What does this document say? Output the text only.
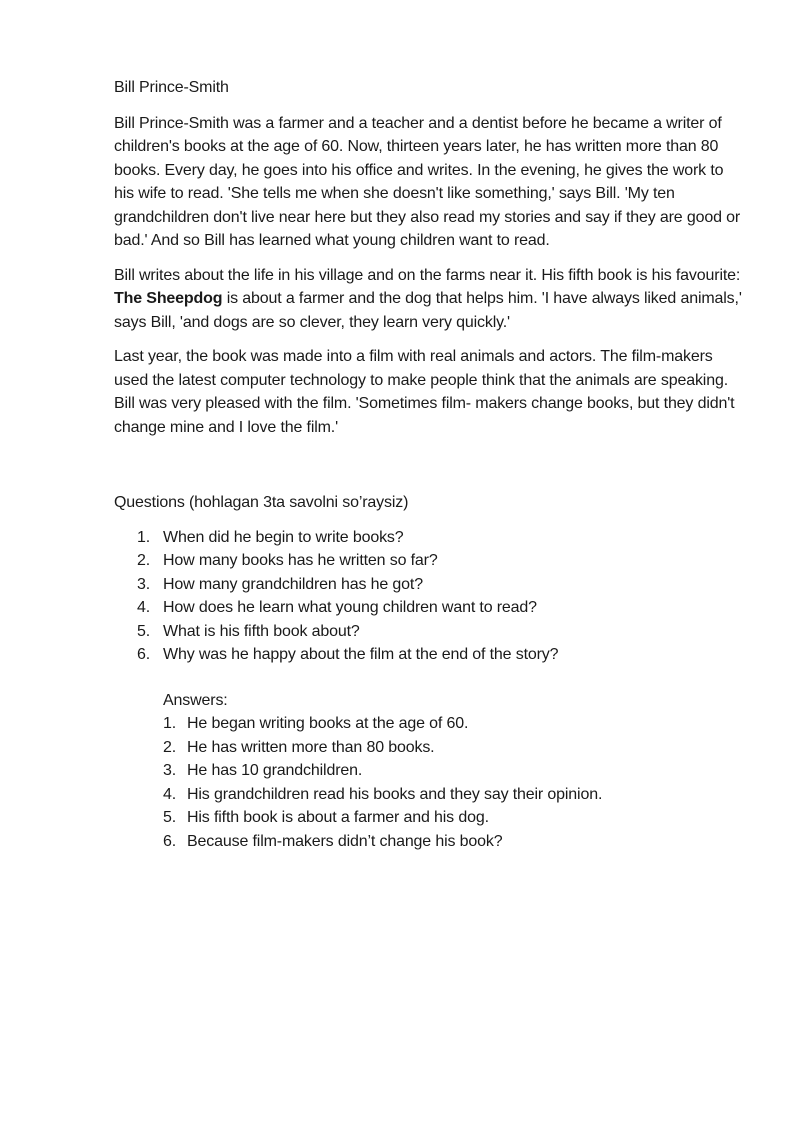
Bill Prince-Smith

Bill Prince-Smith was a farmer and a teacher and a dentist before he became a writer of children's books at the age of 60. Now, thirteen years later, he has written more than 80 books. Every day, he goes into his office and writes. In the evening, he gives the work to his wife to read. 'She tells me when she doesn't like something,' says Bill. 'My ten grandchildren don't live near here but they also read my stories and say if they are good or bad.' And so Bill has learned what young children want to read.

Bill writes about the life in his village and on the farms near it. His fifth book is his favourite: The Sheepdog is about a farmer and the dog that helps him. 'I have always liked animals,' says Bill, 'and dogs are so clever, they learn very quickly.'

Last year, the book was made into a film with real animals and actors. The film-makers used the latest computer technology to make people think that the animals are speaking. Bill was very pleased with the film. 'Sometimes film- makers change books, but they didn't change mine and I love the film.'

Questions (hohlagan 3ta savolni so’raysiz)
1. When did he begin to write books?
2. How many books has he written so far?
3. How many grandchildren has he got?
4. How does he learn what young children want to read?
5. What is his fifth book about?
6. Why was he happy about the film at the end of the story?
Answers:
1. He began writing books at the age of 60.
2. He has written more than 80 books.
3. He has 10 grandchildren.
4. His grandchildren read his books and they say their opinion.
5. His fifth book is about a farmer and his dog.
6. Because film-makers didn’t change his book?
